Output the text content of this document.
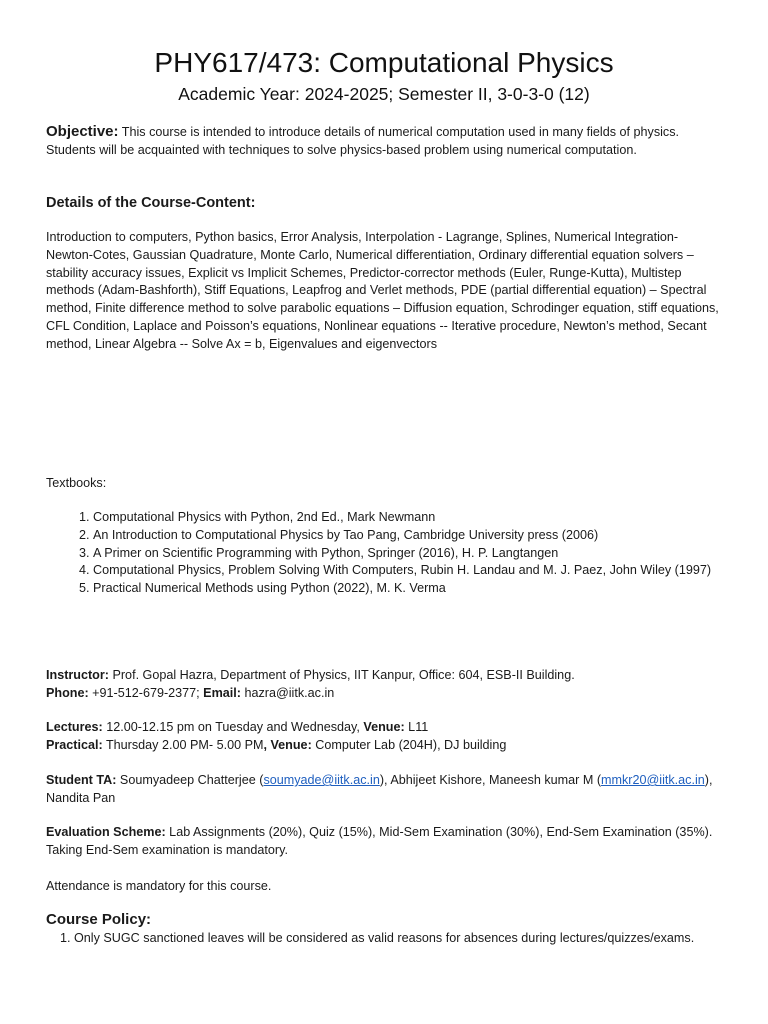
PHY617/473: Computational Physics
Academic Year: 2024-2025; Semester II, 3-0-3-0 (12)
Objective: This course is intended to introduce details of numerical computation used in many fields of physics. Students will be acquainted with techniques to solve physics-based problem using numerical computation.
Details of the Course-Content:
Introduction to computers, Python basics, Error Analysis, Interpolation - Lagrange, Splines, Numerical Integration- Newton-Cotes, Gaussian Quadrature, Monte Carlo, Numerical differentiation, Ordinary differential equation solvers – stability accuracy issues, Explicit vs Implicit Schemes, Predictor-corrector methods (Euler, Runge-Kutta), Multistep methods (Adam-Bashforth), Stiff Equations, Leapfrog and Verlet methods, PDE (partial differential equation) – Spectral method, Finite difference method to solve parabolic equations – Diffusion equation, Schrodinger equation, stiff equations, CFL Condition, Laplace and Poisson’s equations, Nonlinear equations -- Iterative procedure, Newton’s method, Secant method, Linear Algebra -- Solve Ax = b, Eigenvalues and eigenvectors
Textbooks:
1. Computational Physics with Python, 2nd Ed., Mark Newmann
2. An Introduction to Computational Physics by Tao Pang, Cambridge University press (2006)
3. A Primer on Scientific Programming with Python, Springer (2016), H. P. Langtangen
4. Computational Physics, Problem Solving With Computers, Rubin H. Landau and M. J. Paez, John Wiley (1997)
5. Practical Numerical Methods using Python (2022), M. K. Verma
Instructor: Prof. Gopal Hazra, Department of Physics, IIT Kanpur, Office: 604, ESB-II Building.
Phone: +91-512-679-2377; Email: hazra@iitk.ac.in
Lectures: 12.00-12.15 pm on Tuesday and Wednesday, Venue: L11
Practical: Thursday 2.00 PM- 5.00 PM, Venue: Computer Lab (204H), DJ building
Student TA: Soumyadeep Chatterjee (soumyade@iitk.ac.in), Abhijeet Kishore, Maneesh kumar M (mmkr20@iitk.ac.in), Nandita Pan
Evaluation Scheme: Lab Assignments (20%), Quiz (15%), Mid-Sem Examination (30%), End-Sem Examination (35%). Taking End-Sem examination is mandatory.
Attendance is mandatory for this course.
Course Policy:
1. Only SUGC sanctioned leaves will be considered as valid reasons for absences during lectures/quizzes/exams.
